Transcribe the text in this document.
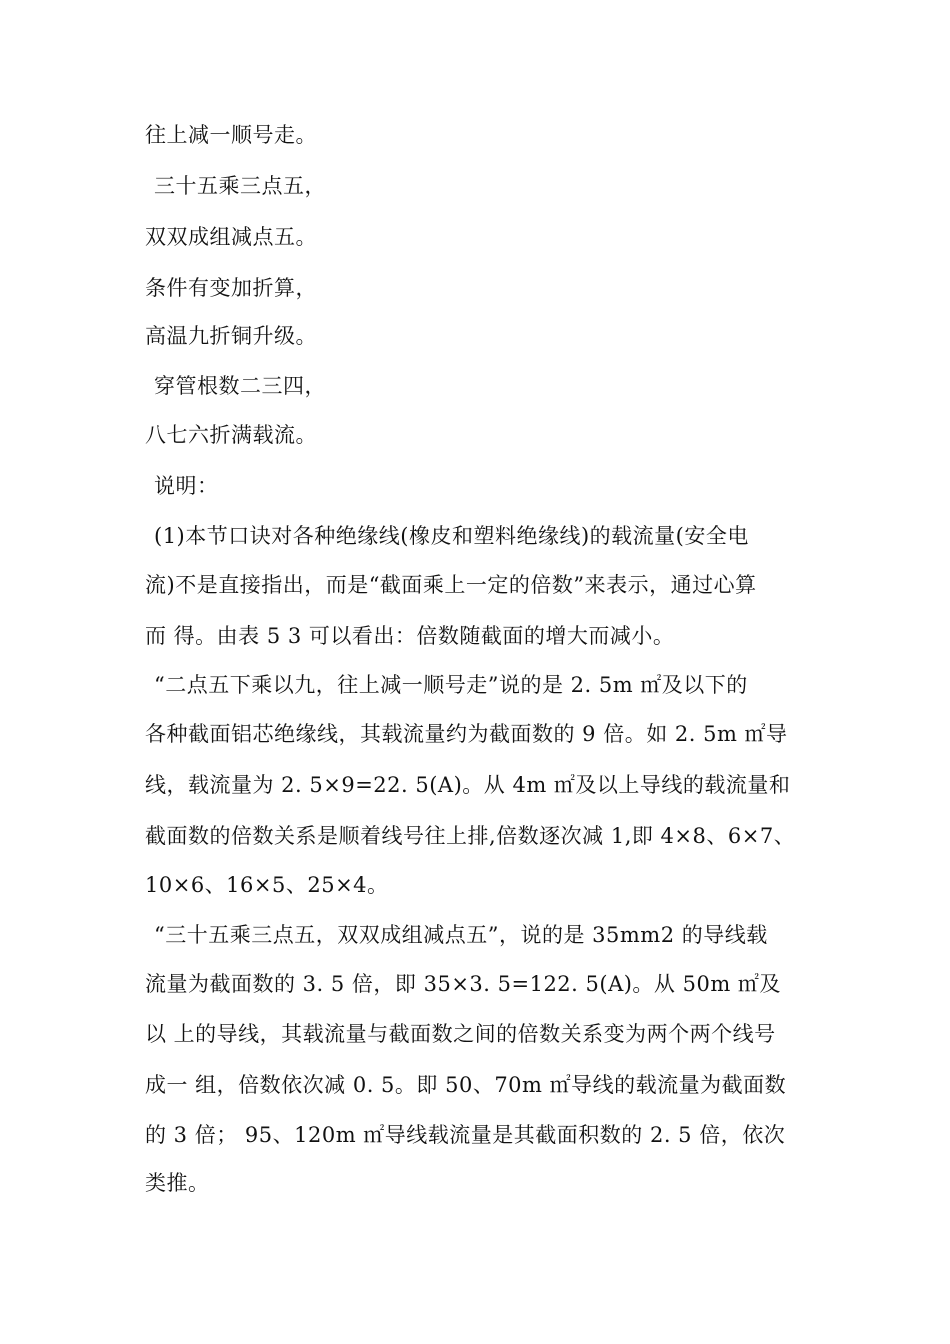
往上减一顺号走。
三十五乘三点五，
双双成组减点五。
条件有变加折算，
高温九折铜升级。
穿管根数二三四，
八七六折满载流。
说明：
(1)本节口诀对各种绝缘线(橡皮和塑料绝缘线)的载流量(安全电
流)不是直接指出，而是“截面乘上一定的倍数”来表示，通过心算
而 得。由表 5 3 可以看出：倍数随截面的增大而减小。
“二点五下乘以九，往上减一顺号走”说的是 2. 5m ㎡及以下的
各种截面铝芯绝缘线，其载流量约为截面数的 9 倍。如 2. 5m ㎡导
线，载流量为 2. 5×9=22. 5(A)。从 4m ㎡及以上导线的载流量和
截面数的倍数关系是顺着线号往上排,倍数逐次减 1,即 4×8、6×7、
10×6、16×5、25×4。
“三十五乘三点五，双双成组减点五”，说的是 35mm2 的导线载
流量为截面数的 3. 5 倍，即 35×3. 5=122. 5(A)。从 50m ㎡及
以 上的导线，其载流量与截面数之间的倍数关系变为两个两个线号
成一 组，倍数依次减 0. 5。即 50、70m ㎡导线的载流量为截面数
的 3 倍； 95、120m ㎡导线载流量是其截面积数的 2. 5 倍，依次
类推。
